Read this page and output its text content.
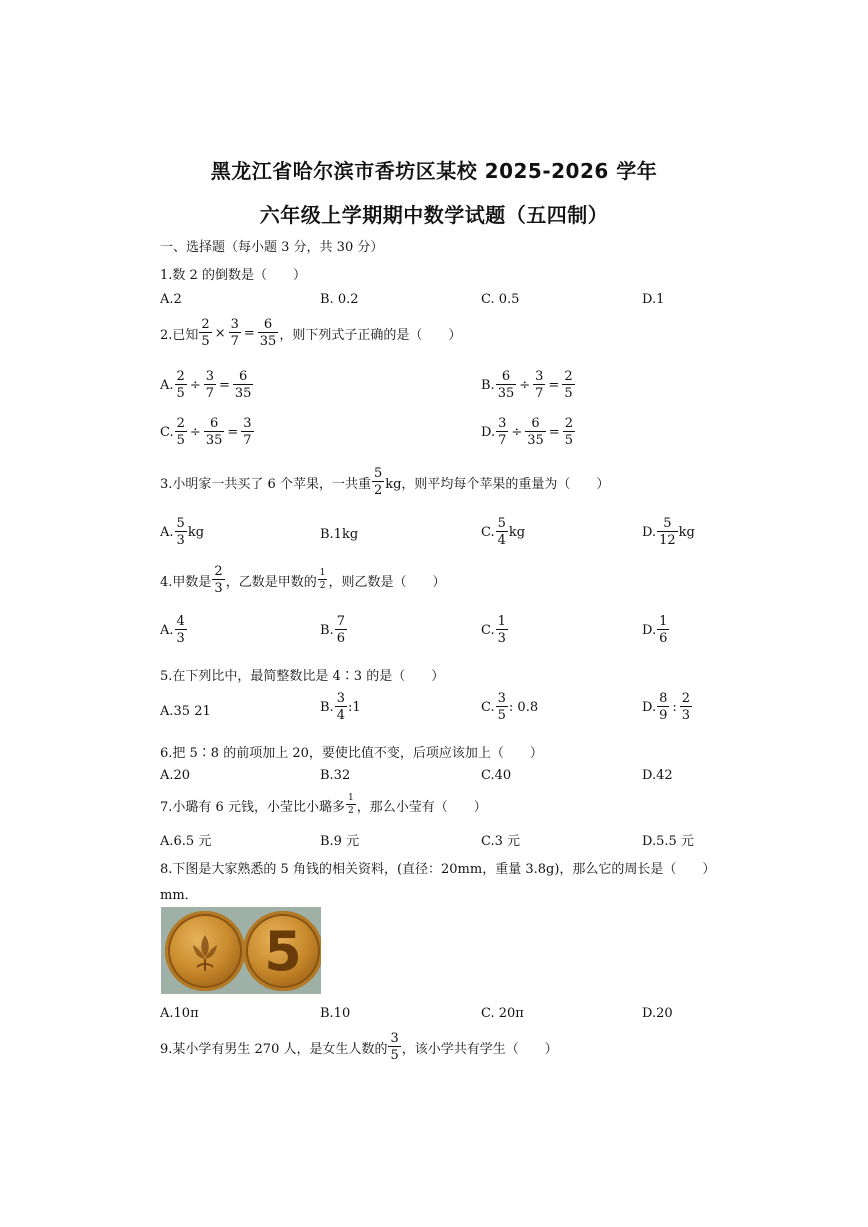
黑龙江省哈尔滨市香坊区某校 2025-2026 学年
六年级上学期期中数学试题（五四制）
一、选择题（每小题 3 分，共 30 分）
1.数 2 的倒数是（　　）
A.2	B. 0.2	C. 0.5	D.1
2.已知 $\frac{2}{5} \times \frac{3}{7} = \frac{6}{35}$ ，则下列式子正确的是（　　）
A. $\frac{2}{5} \div \frac{3}{7} = \frac{6}{35}$	B. $\frac{6}{35} \div \frac{3}{7} = \frac{2}{5}$
C. $\frac{2}{5} \div \frac{6}{35} = \frac{3}{7}$	D. $\frac{3}{7} \div \frac{6}{35} = \frac{2}{5}$
3.小明家一共买了 6 个苹果，一共重 $\frac{5}{2}$ kg，则平均每个苹果的重量为（　　）
A. $\frac{5}{3}$ kg	B.1kg	C. $\frac{5}{4}$ kg	D. $\frac{5}{12}$ kg
4.甲数是 $\frac{2}{3}$ ，乙数是甲数的 $\frac{1}{2}$ ，则乙数是（　　）
A. $\frac{4}{3}$	B. $\frac{7}{6}$	C. $\frac{1}{3}$	D. $\frac{1}{6}$
5.在下列比中，最简整数比是 4∶3 的是（　　）
A.35 21	B. $\frac{3}{4}$ :1	C. $\frac{3}{5}$ : 0.8	D. $\frac{8}{9}$ : $\frac{2}{3}$
6.把 5∶8 的前项加上 20，要使比值不变，后项应该加上（　　）
A.20	B.32	C.40	D.42
7.小璐有 6 元钱，小莹比小璐多 $\frac{1}{2}$ ，那么小莹有（　　）
A.6.5 元	B.9 元	C.3 元	D.5.5 元
8.下图是大家熟悉的 5 角钱的相关资料，(直径：20mm，重量 3.8g)，那么它的周长是（　　）
mm．
5
A.10π	B.10	C. 20π	D.20
9.某小学有男生 270 人，是女生人数的 $\frac{3}{5}$ ，该小学共有学生（　　）
